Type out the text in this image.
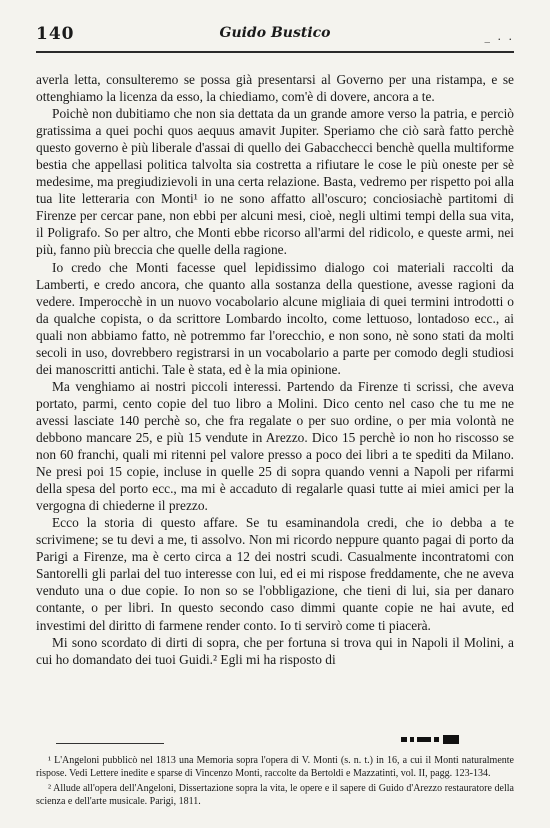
140	Guido Bustico	_ . .

averla letta, consulteremo se possa già presentarsi al Governo per una ristampa, e se ottenghiamo la licenza da esso, la chiediamo, com'è di dovere, ancora a te.

Poichè non dubitiamo che non sia dettata da un grande amore verso la patria, e perciò gratissima a quei pochi quos aequus amavit Jupiter. Speriamo che ciò sarà fatto perchè questo governo è più liberale d'assai di quello dei Gabacchecci benchè quella multiforme bestia che appellasi politica talvolta sia costretta a rifiutare le cose le più oneste per sè medesime, ma pregiudizievoli in una certa relazione. Basta, vedremo per rispetto poi alla tua lite letteraria con Monti¹ io ne sono affatto all'oscuro; conciosiachè partitomi di Firenze per cercar pane, non ebbi per alcuni mesi, cioè, negli ultimi tempi della sua vita, il Poligrafo. So per altro, che Monti ebbe ricorso all'armi del ridicolo, e queste armi, nei più, fanno più breccia che quelle della ragione.

Io credo che Monti facesse quel lepidissimo dialogo coi materiali raccolti da Lamberti, e credo ancora, che quanto alla sostanza della questione, avesse ragioni da vedere. Imperocchè in un nuovo vocabolario alcune migliaia di quei termini introdotti o da qualche copista, o da scrittore Lombardo incolto, come lettuoso, lontadoso ecc., ai quali non abbiamo fatto, nè potremmo far l'orecchio, e non sono, nè sono stati da molti secoli in uso, dovrebbero registrarsi in un vocabolario a parte per comodo degli studiosi dei manoscritti antichi. Tale è stata, ed è la mia opinione.

Ma venghiamo ai nostri piccoli interessi. Partendo da Firenze ti scrissi, che aveva portato, parmi, cento copie del tuo libro a Molini. Dico cento nel caso che tu me ne avessi lasciate 140 perchè so, che fra regalate o per suo ordine, o per mia volontà ne debbono mancare 25, e più 15 vendute in Arezzo. Dico 15 perchè io non ho riscosso se non 60 franchi, quali mi ritenni pel valore presso a poco dei libri a te spediti da Milano. Ne presi poi 15 copie, incluse in quelle 25 di sopra quando venni a Napoli per rifarmi della spesa del porto ecc., ma mi è accaduto di regalarle quasi tutte ai miei amici per la vergogna di chiederne il prezzo.

Ecco la storia di questo affare. Se tu esaminandola credi, che io debba a te scrivimene; se tu devi a me, ti assolvo. Non mi ricordo neppure quanto pagai di porto da Parigi a Firenze, ma è certo circa a 12 dei nostri scudi. Casualmente incontratomi con Santorelli gli parlai del tuo interesse con lui, ed ei mi rispose freddamente, che ne aveva venduto una o due copie. Io non so se l'obbligazione, che tieni di lui, sia per danaro contante, o per libri. In questo secondo caso dimmi quante copie ne hai avute, ed investimi del diritto di farmene render conto. Io ti servirò come ti piacerà.

Mi sono scordato di dirti di sopra, che per fortuna si trova qui in Napoli il Molini, a cui ho domandato dei tuoi Guidi.² Egli mi ha risposto di

¹ L'Angeloni pubblicò nel 1813 una Memoria sopra l'opera di V. Monti (s. n. t.) in 16, a cui il Monti naturalmente rispose. Vedi Lettere inedite e sparse di Vincenzo Monti, raccolte da Bertoldi e Mazzatinti, vol. II, pagg. 123-134.

² Allude all'opera dell'Angeloni, Dissertazione sopra la vita, le opere e il sapere di Guido d'Arezzo restauratore della scienza e dell'arte musicale. Parigi, 1811.
